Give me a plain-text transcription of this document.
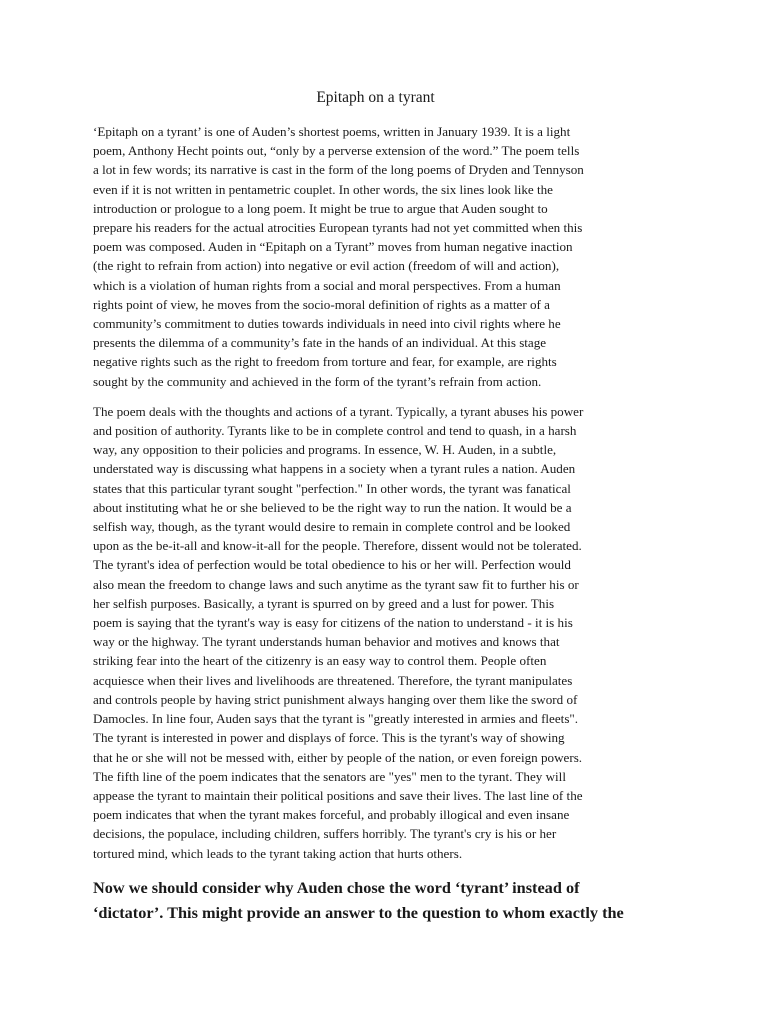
Epitaph on a tyrant
‘Epitaph on a tyrant’ is one of Auden’s shortest poems, written in January 1939. It is a light
poem, Anthony Hecht points out, “only by a perverse extension of the word.” The poem tells
a lot in few words; its narrative is cast in the form of the long poems of Dryden and Tennyson
even if it is not written in pentametric couplet. In other words, the six lines look like the
introduction or prologue to a long poem. It might be true to argue that Auden sought to
prepare his readers for the actual atrocities European tyrants had not yet committed when this
poem was composed. Auden in “Epitaph on a Tyrant” moves from human negative inaction
(the right to refrain from action) into negative or evil action (freedom of will and action),
which is a violation of human rights from a social and moral perspectives. From a human
rights point of view, he moves from the socio-moral definition of rights as a matter of a
community’s commitment to duties towards individuals in need into civil rights where he
presents the dilemma of a community’s fate in the hands of an individual. At this stage
negative rights such as the right to freedom from torture and fear, for example, are rights
sought by the community and achieved in the form of the tyrant’s refrain from action.
The poem deals with the thoughts and actions of a tyrant. Typically, a tyrant abuses his power
and position of authority. Tyrants like to be in complete control and tend to quash, in a harsh
way, any opposition to their policies and programs. In essence, W. H. Auden, in a subtle,
understated way is discussing what happens in a society when a tyrant rules a nation. Auden
states that this particular tyrant sought "perfection." In other words, the tyrant was fanatical
about instituting what he or she believed to be the right way to run the nation. It would be a
selfish way, though, as the tyrant would desire to remain in complete control and be looked
upon as the be-it-all and know-it-all for the people. Therefore, dissent would not be tolerated.
The tyrant's idea of perfection would be total obedience to his or her will. Perfection would
also mean the freedom to change laws and such anytime as the tyrant saw fit to further his or
her selfish purposes. Basically, a tyrant is spurred on by greed and a lust for power. This
poem is saying that the tyrant's way is easy for citizens of the nation to understand - it is his
way or the highway. The tyrant understands human behavior and motives and knows that
striking fear into the heart of the citizenry is an easy way to control them. People often
acquiesce when their lives and livelihoods are threatened. Therefore, the tyrant manipulates
and controls people by having strict punishment always hanging over them like the sword of
Damocles. In line four, Auden says that the tyrant is "greatly interested in armies and fleets".
The tyrant is interested in power and displays of force. This is the tyrant's way of showing
that he or she will not be messed with, either by people of the nation, or even foreign powers.
The fifth line of the poem indicates that the senators are "yes" men to the tyrant. They will
appease the tyrant to maintain their political positions and save their lives. The last line of the
poem indicates that when the tyrant makes forceful, and probably illogical and even insane
decisions, the populace, including children, suffers horribly. The tyrant's cry is his or her
tortured mind, which leads to the tyrant taking action that hurts others.
Now we should consider why Auden chose the word ‘tyrant’ instead of
‘dictator’. This might provide an answer to the question to whom exactly the
